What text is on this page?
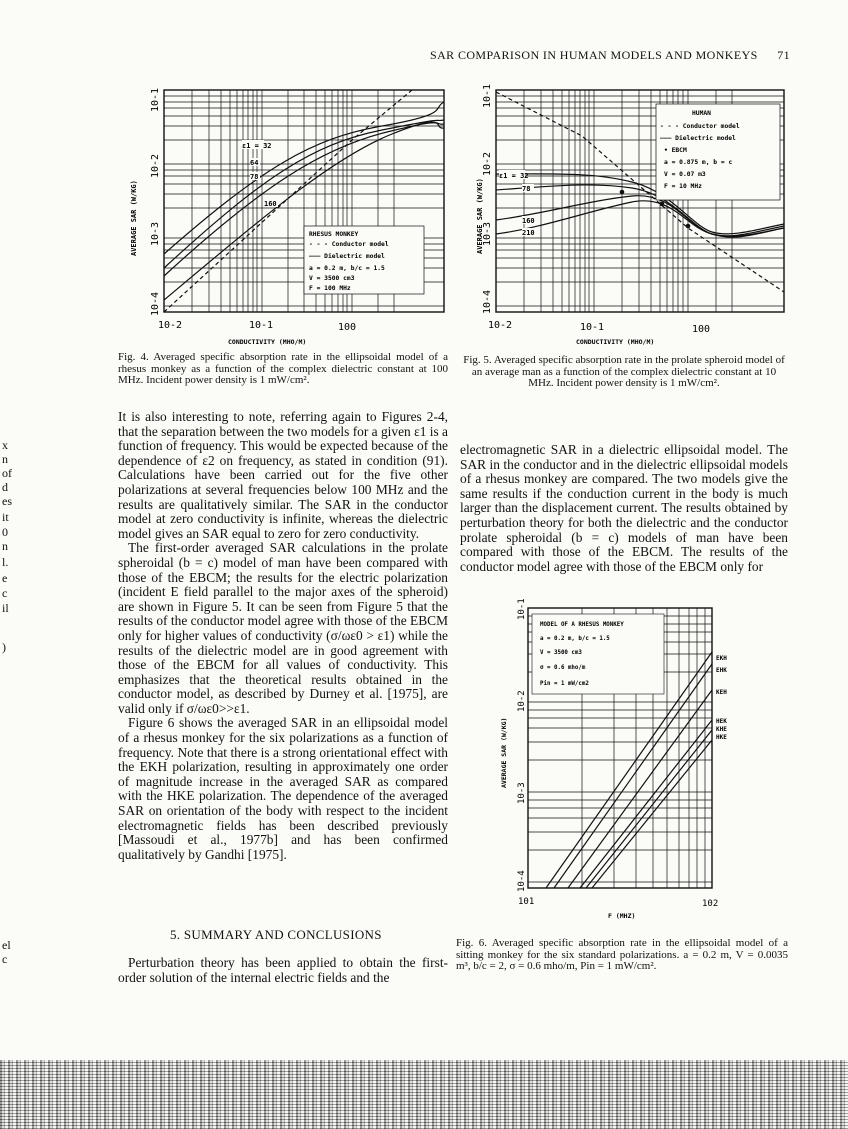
SAR COMPARISON IN HUMAN MODELS AND MONKEYS 71
x
n
of
d
es
it
0
n
l.
e
c
il
)
el
c
AVERAGE SAR (W/KG)
10-1
10-2
10-3
10-4
ε1 = 32
64
78
160
RHESUS MONKEY
- - - Conductor model
——— Dielectric model
a = 0.2 m, b/c = 1.5
V = 3500 cm3
F = 100 MHz
10-2	10-1	100
CONDUCTIVITY (MHO/M)
Fig. 4. Averaged specific absorption rate in the ellipsoidal model of a rhesus monkey as a function of the complex dielectric constant at 100 MHz. Incident power density is 1 mW/cm².
AVERAGE SAR (W/KG)
10-1
10-2
10-3
10-4
ε1 = 32
78
160
210
HUMAN
- - - Conductor model
——— Dielectric model
• EBCM
a = 0.875 m, b = c
V = 0.07 m3
F = 10 MHz
10-2	10-1	100
CONDUCTIVITY (MHO/M)
Fig. 5. Averaged specific absorption rate in the prolate spheroid model of an average man as a function of the complex dielectric constant at 10 MHz. Incident power density is 1 mW/cm².

It is also interesting to note, referring again to Figures 2-4, that the separation between the two models for a given ε1 is a function of frequency. This would be expected because of the dependence of ε2 on frequency, as stated in condition (91). Calculations have been carried out for the five other polarizations at several frequencies below 100 MHz and the results are qualitatively similar. The SAR in the conductor model at zero conductivity is infinite, whereas the dielectric model gives an SAR equal to zero for zero conductivity.

The first-order averaged SAR calculations in the prolate spheroidal (b = c) model of man have been compared with those of the EBCM; the results for the electric polarization (incident E field parallel to the major axes of the spheroid) are shown in Figure 5. It can be seen from Figure 5 that the results of the conductor model agree with those of the EBCM only for higher values of conductivity (σ/ωε0 > ε1) while the results of the dielectric model are in good agreement with those of the EBCM for all values of conductivity. This emphasizes that the theoretical results obtained in the conductor model, as described by Durney et al. [1975], are valid only if σ/ωε0>>ε1.

Figure 6 shows the averaged SAR in an ellipsoidal model of a rhesus monkey for the six polarizations as a function of frequency. Note that there is a strong orientational effect with the EKH polarization, resulting in approximately one order of magnitude increase in the averaged SAR as compared with the HKE polarization. The dependence of the averaged SAR on orientation of the body with respect to the incident electromagnetic fields has been described previously [Massoudi et al., 1977b] and has been confirmed qualitatively by Gandhi [1975].

5. SUMMARY AND CONCLUSIONS

Perturbation theory has been applied to obtain the first-order solution of the internal electric fields and the

electromagnetic SAR in a dielectric ellipsoidal model. The SAR in the conductor and in the dielectric ellipsoidal models of a rhesus monkey are compared. The two models give the same results if the conduction current in the body is much larger than the displacement current. The results obtained by perturbation theory for both the dielectric and the conductor prolate spheroidal (b = c) models of man have been compared with those of the EBCM. The results of the conductor model agree with those of the EBCM only for

AVERAGE SAR (W/KG)
10-1
10-2
10-3
10-4
MODEL OF A RHESUS MONKEY
a = 0.2 m, b/c = 1.5
V = 3500 cm3
σ = 0.6 mho/m
Pin = 1 mW/cm2
EKH
EHK
KEH
HEK
KHE
HKE
101	102
F (MHZ)
Fig. 6. Averaged specific absorption rate in the ellipsoidal model of a sitting monkey for the six standard polarizations. a = 0.2 m, V = 0.0035 m³, b/c = 2, σ = 0.6 mho/m, Pin = 1 mW/cm².
